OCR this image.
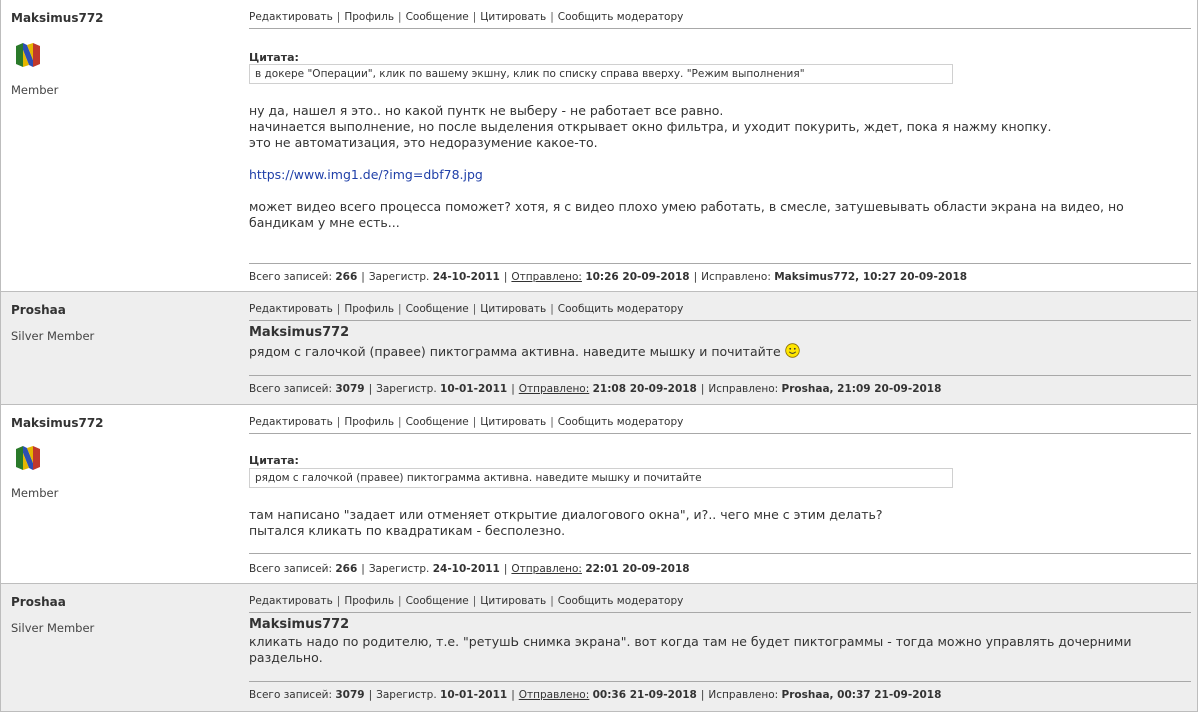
Maksimus772
Member
Редактировать | Профиль | Сообщение | Цитировать | Сообщить модератору
Цитата:
в докере "Операции", клик по вашему экшну, клик по списку справа вверху. "Режим выполнения"

ну да, нашел я это.. но какой пунтк не выберу - не работает все равно.

начинается выполнение, но после выделения открывает окно фильтра, и уходит покурить, ждет, пока я нажму кнопку.

это не автоматизация, это недоразумение какое-то.

https://www.img1.de/?img=dbf78.jpg

может видео всего процесса поможет? хотя, я с видео плохо умею работать, в смесле, затушевывать области экрана на видео, но

бандикам у мне есть...

Всего записей: 266 | Зарегистр. 24-10-2011 | Отправлено: 10:26 20-09-2018 | Исправлено: Maksimus772, 10:27 20-09-2018
Proshaa
Silver Member
Редактировать | Профиль | Сообщение | Цитировать | Сообщить модератору
Maksimus772

рядом с галочкой (правее) пиктограмма активна. наведите мышку и почитайте

Всего записей: 3079 | Зарегистр. 10-01-2011 | Отправлено: 21:08 20-09-2018 | Исправлено: Proshaa, 21:09 20-09-2018
Maksimus772
Member
Редактировать | Профиль | Сообщение | Цитировать | Сообщить модератору
Цитата:
рядом с галочкой (правее) пиктограмма активна. наведите мышку и почитайте

там написано "задает или отменяет открытие диалогового окна", и?.. чего мне с этим делать?

пытался кликать по квадратикам - бесполезно.

Всего записей: 266 | Зарегистр. 24-10-2011 | Отправлено: 22:01 20-09-2018
Proshaa
Silver Member
Редактировать | Профиль | Сообщение | Цитировать | Сообщить модератору
Maksimus772

кликать надо по родителю, т.е. "ретушЬ снимка экрана". вот когда там не будет пиктограммы - тогда можно управлять дочерними

раздельно.

Всего записей: 3079 | Зарегистр. 10-01-2011 | Отправлено: 00:36 21-09-2018 | Исправлено: Proshaa, 00:37 21-09-2018
